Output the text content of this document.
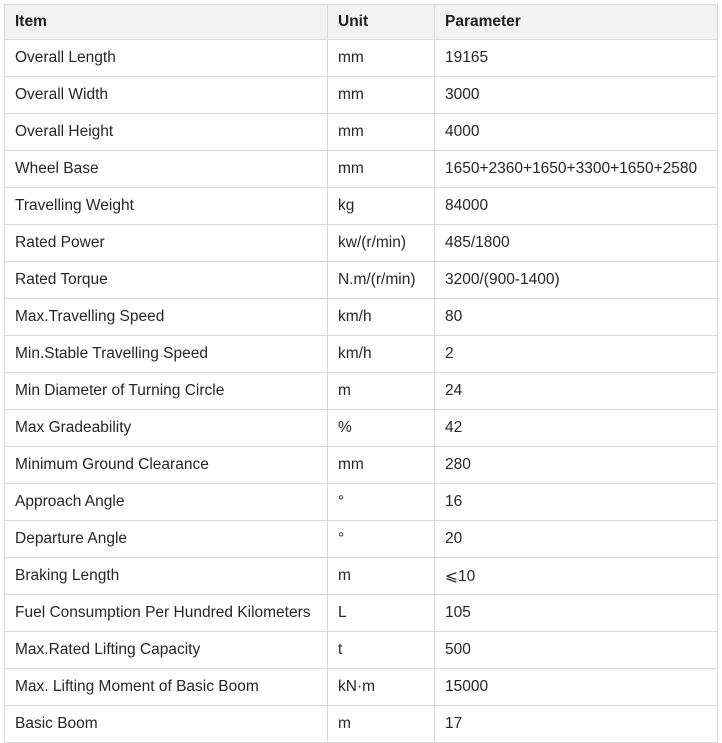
Item	Unit	Parameter
Overall Length	mm	19165
Overall Width	mm	3000
Overall Height	mm	4000
Wheel Base	mm	1650+2360+1650+3300+1650+2580
Travelling Weight	kg	84000
Rated Power	kw/(r/min)	485/1800
Rated Torque	N.m/(r/min)	3200/(900-1400)
Max.Travelling Speed	km/h	80
Min.Stable Travelling Speed	km/h	2
Min Diameter of Turning Circle	m	24
Max Gradeability	%	42
Minimum Ground Clearance	mm	280
Approach Angle	°	16
Departure Angle	°	20
Braking Length	m	⩽10
Fuel Consumption Per Hundred Kilometers	L	105
Max.Rated Lifting Capacity	t	500
Max. Lifting Moment of Basic Boom	kN·m	15000
Basic Boom	m	17
